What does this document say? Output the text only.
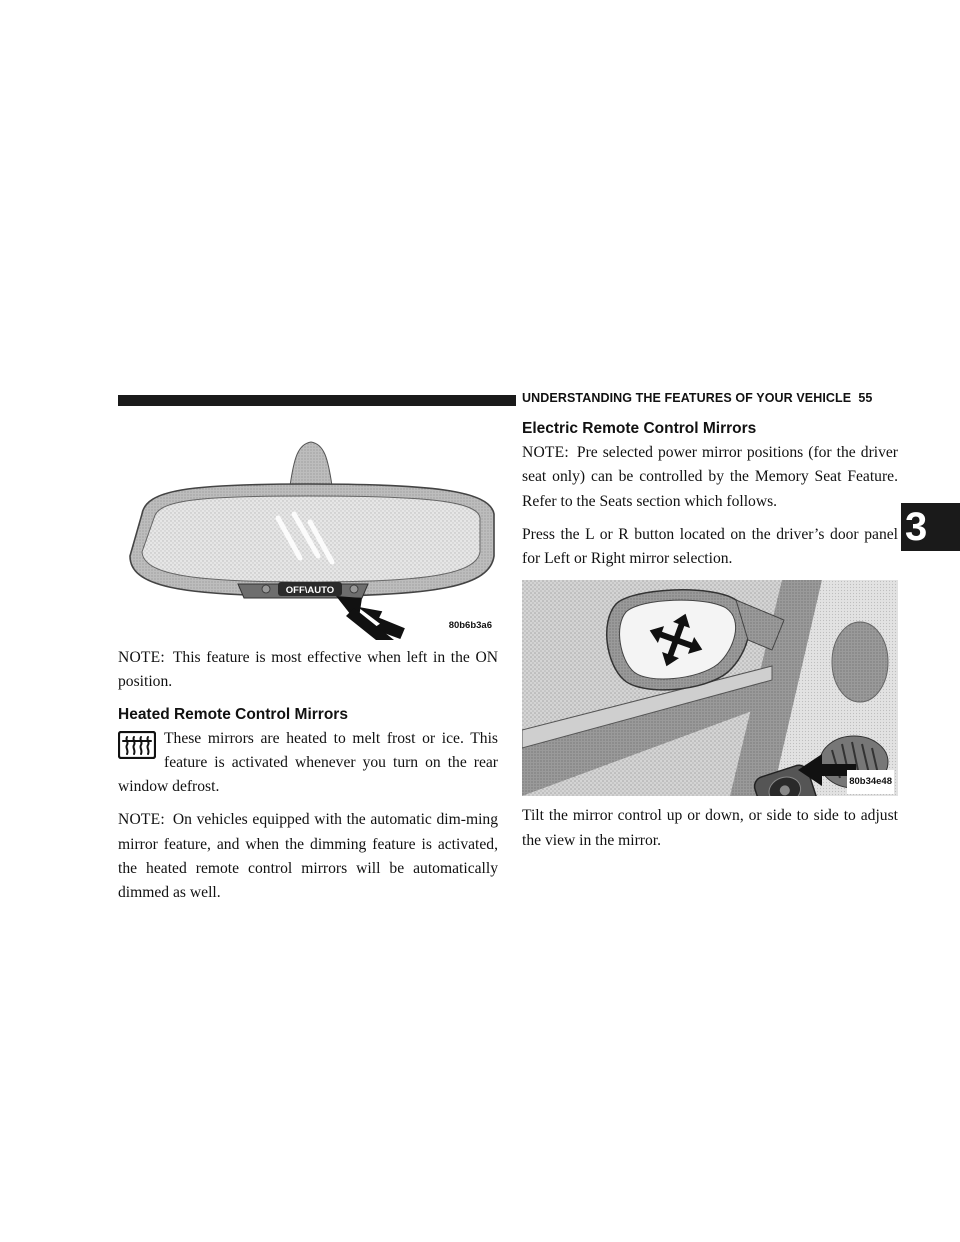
UNDERSTANDING THE FEATURES OF YOUR VEHICLE 55
3
OFF\AUTO
80b6b3a6

NOTE: This feature is most effective when left in the ON position.

Heated Remote Control Mirrors

These mirrors are heated to melt frost or ice. This feature is activated whenever you turn on the rear window defrost.

NOTE: On vehicles equipped with the automatic dim-ming mirror feature, and when the dimming feature is activated, the heated remote control mirrors will be automatically dimmed as well.

Electric Remote Control Mirrors

NOTE: Pre selected power mirror positions (for the driver seat only) can be controlled by the Memory Seat Feature. Refer to the Seats section which follows.

Press the L or R button located on the driver’s door panel for Left or Right mirror selection.

80b34e48

Tilt the mirror control up or down, or side to side to adjust the view in the mirror.
